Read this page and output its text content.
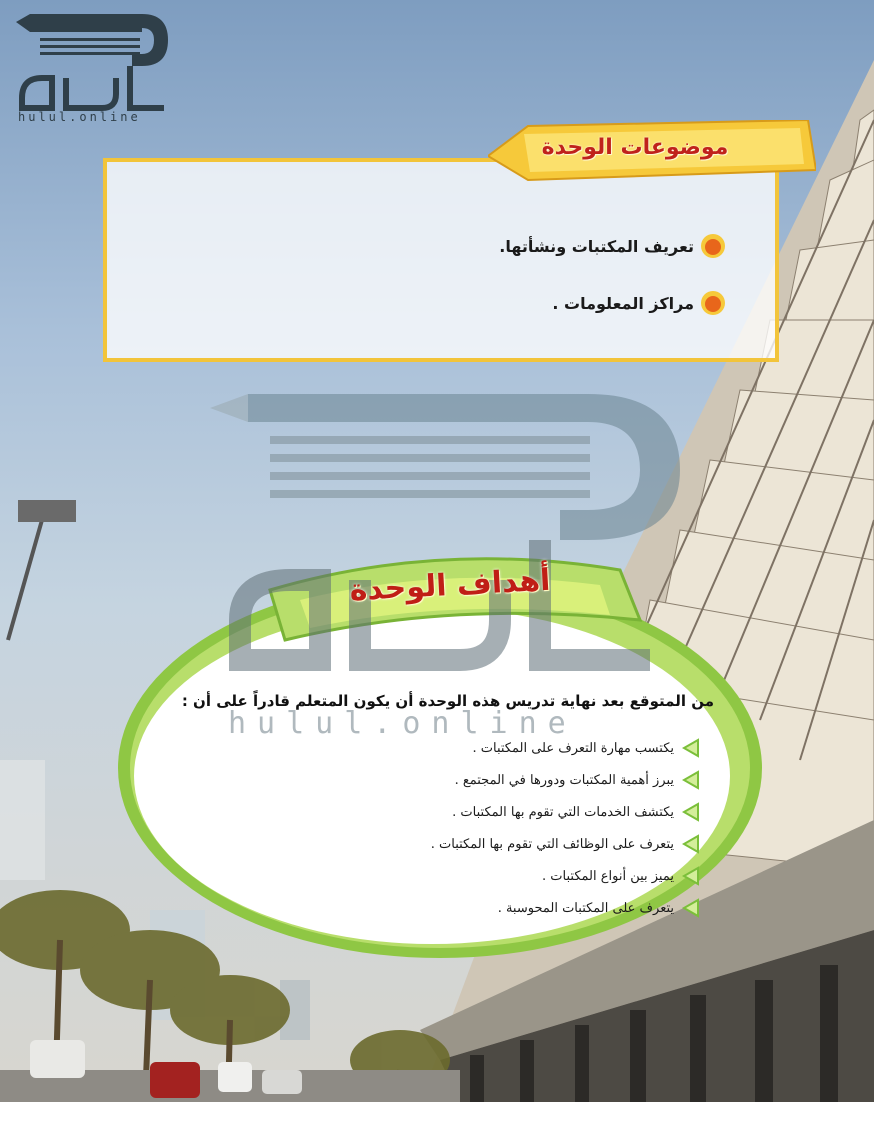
hulul.online
hulul.online
موضوعات الوحدة
تعريف المكتبات ونشأتها.
مراكز المعلومات .
أهداف الوحدة
من المتوقع بعد نهاية تدريس هذه الوحدة أن يكون المتعلم قادراً على أن :
يكتسب مهارة التعرف على المكتبات .
يبرز أهمية المكتبات ودورها في المجتمع .
يكتشف الخدمات التي تقوم بها المكتبات .
يتعرف على الوظائف التي تقوم بها المكتبات .
يميز بين أنواع المكتبات .
يتعرف على المكتبات المحوسبة .
